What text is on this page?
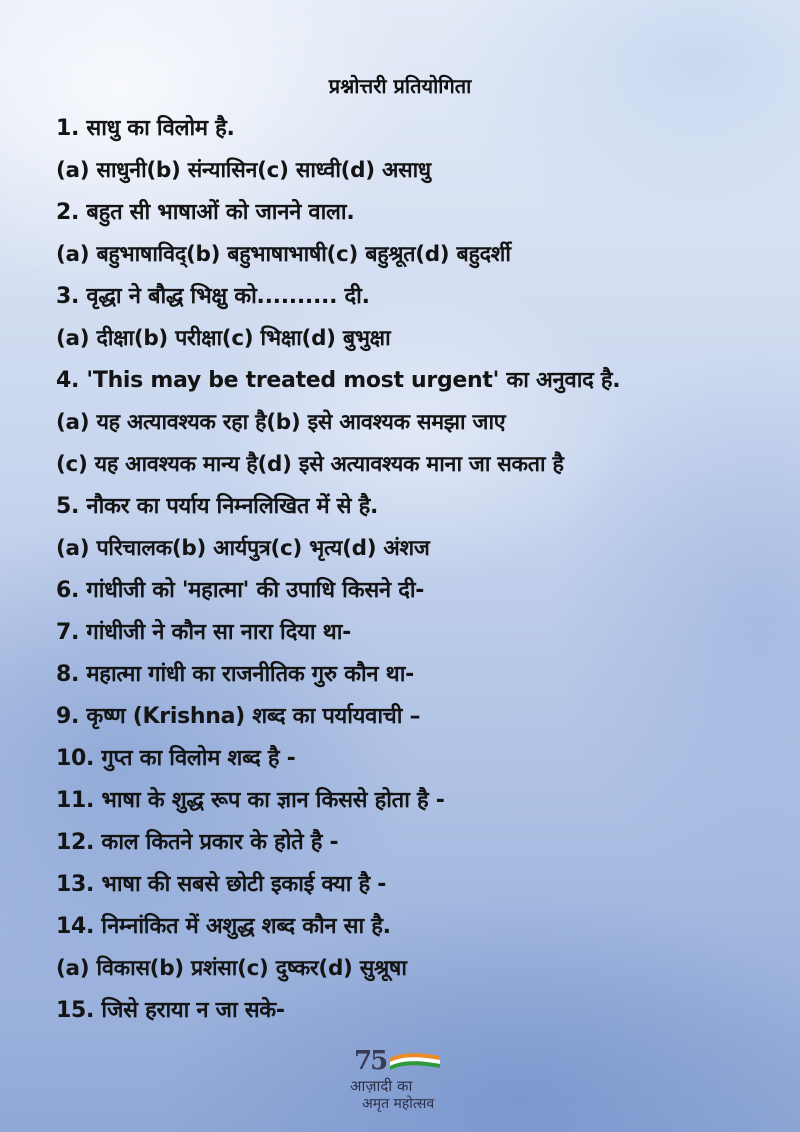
प्रश्नोत्तरी प्रतियोगिता
1. साधु का विलोम है.
(a) साधुनी(b) संन्यासिन(c) साध्वी(d) असाधु
2. बहुत सी भाषाओं को जानने वाला.
(a) बहुभाषाविद्(b) बहुभाषाभाषी(c) बहुश्रूत(d) बहुदर्शी
3. वृद्धा ने बौद्ध भिक्षु को.......... दी.
(a) दीक्षा(b) परीक्षा(c) भिक्षा(d) बुभुक्षा
4. 'This may be treated most urgent' का अनुवाद है.
(a) यह अत्यावश्यक रहा है(b) इसे आवश्यक समझा जाए
(c) यह आवश्यक मान्य है(d) इसे अत्यावश्यक माना जा सकता है
5. नौकर का पर्याय निम्नलिखित में से है.
(a) परिचालक(b) आर्यपुत्र(c) भृत्य(d) अंशज
6. गांधीजी को 'महात्मा' की उपाधि किसने दी-
7. गांधीजी ने कौन सा नारा दिया था-
8. महात्मा गांधी का राजनीतिक गुरु कौन था-
9. कृष्ण (Krishna) शब्द का पर्यायवाची –
10. गुप्त का विलोम शब्द है -
11. भाषा के शुद्ध रूप का ज्ञान किससे होता है -
12. काल कितने प्रकार के होते है -
13. भाषा की सबसे छोटी इकाई क्या है -
14. निम्नांकित में अशुद्ध शब्द कौन सा है.
(a) विकास(b) प्रशंसा(c) दुष्कर(d) सुश्रूषा
15. जिसे हराया न जा सके-
75
आज़ादी का
अमृत महोत्सव
